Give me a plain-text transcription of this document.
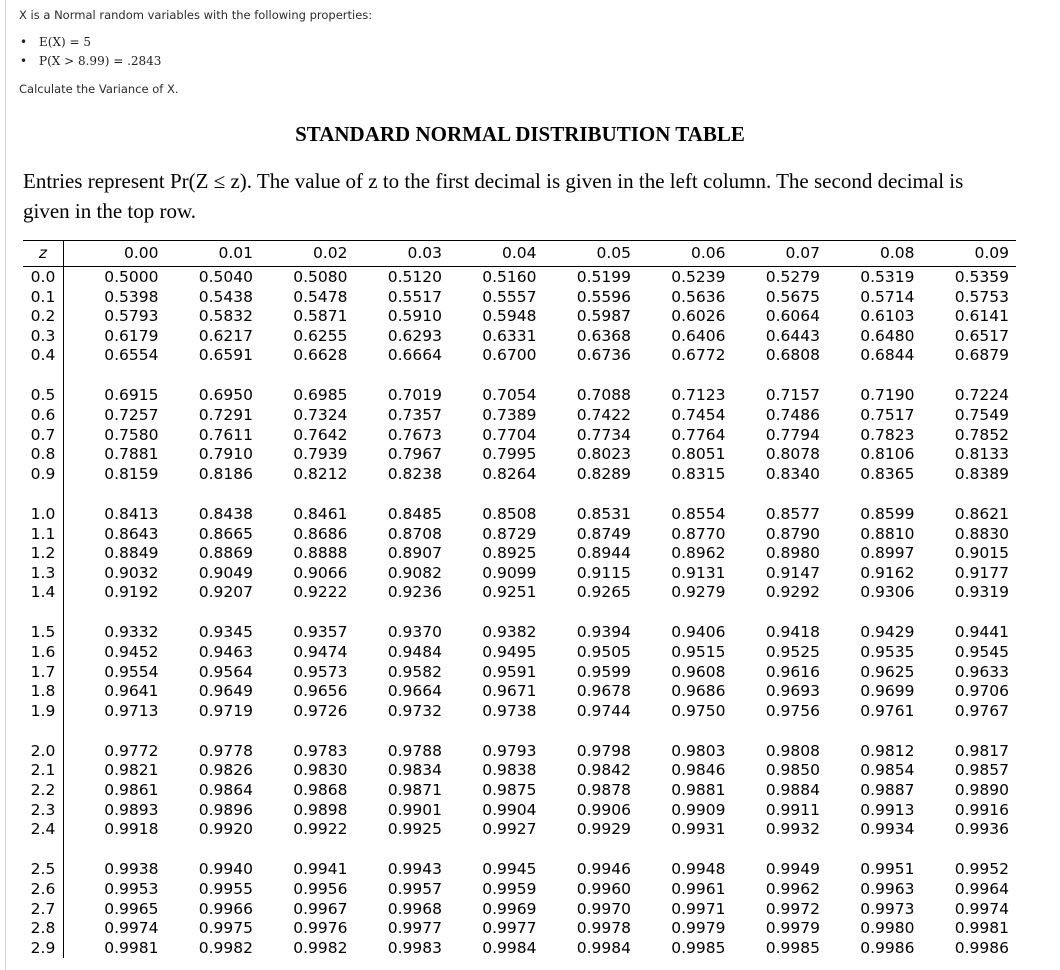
X is a Normal random variables with the following properties:

• E(X) = 5
• P(X > 8.99) = .2843

Calculate the Variance of X.

STANDARD NORMAL DISTRIBUTION TABLE
Entries represent Pr(Z ≤ z). The value of z to the first decimal is given in the left column. The second decimal is given in the top row.
z	0.00	0.01	0.02	0.03	0.04	0.05	0.06	0.07	0.08	0.09
0.0	0.5000	0.5040	0.5080	0.5120	0.5160	0.5199	0.5239	0.5279	0.5319	0.5359
0.1	0.5398	0.5438	0.5478	0.5517	0.5557	0.5596	0.5636	0.5675	0.5714	0.5753
0.2	0.5793	0.5832	0.5871	0.5910	0.5948	0.5987	0.6026	0.6064	0.6103	0.6141
0.3	0.6179	0.6217	0.6255	0.6293	0.6331	0.6368	0.6406	0.6443	0.6480	0.6517
0.4	0.6554	0.6591	0.6628	0.6664	0.6700	0.6736	0.6772	0.6808	0.6844	0.6879
0.5	0.6915	0.6950	0.6985	0.7019	0.7054	0.7088	0.7123	0.7157	0.7190	0.7224
0.6	0.7257	0.7291	0.7324	0.7357	0.7389	0.7422	0.7454	0.7486	0.7517	0.7549
0.7	0.7580	0.7611	0.7642	0.7673	0.7704	0.7734	0.7764	0.7794	0.7823	0.7852
0.8	0.7881	0.7910	0.7939	0.7967	0.7995	0.8023	0.8051	0.8078	0.8106	0.8133
0.9	0.8159	0.8186	0.8212	0.8238	0.8264	0.8289	0.8315	0.8340	0.8365	0.8389
1.0	0.8413	0.8438	0.8461	0.8485	0.8508	0.8531	0.8554	0.8577	0.8599	0.8621
1.1	0.8643	0.8665	0.8686	0.8708	0.8729	0.8749	0.8770	0.8790	0.8810	0.8830
1.2	0.8849	0.8869	0.8888	0.8907	0.8925	0.8944	0.8962	0.8980	0.8997	0.9015
1.3	0.9032	0.9049	0.9066	0.9082	0.9099	0.9115	0.9131	0.9147	0.9162	0.9177
1.4	0.9192	0.9207	0.9222	0.9236	0.9251	0.9265	0.9279	0.9292	0.9306	0.9319
1.5	0.9332	0.9345	0.9357	0.9370	0.9382	0.9394	0.9406	0.9418	0.9429	0.9441
1.6	0.9452	0.9463	0.9474	0.9484	0.9495	0.9505	0.9515	0.9525	0.9535	0.9545
1.7	0.9554	0.9564	0.9573	0.9582	0.9591	0.9599	0.9608	0.9616	0.9625	0.9633
1.8	0.9641	0.9649	0.9656	0.9664	0.9671	0.9678	0.9686	0.9693	0.9699	0.9706
1.9	0.9713	0.9719	0.9726	0.9732	0.9738	0.9744	0.9750	0.9756	0.9761	0.9767
2.0	0.9772	0.9778	0.9783	0.9788	0.9793	0.9798	0.9803	0.9808	0.9812	0.9817
2.1	0.9821	0.9826	0.9830	0.9834	0.9838	0.9842	0.9846	0.9850	0.9854	0.9857
2.2	0.9861	0.9864	0.9868	0.9871	0.9875	0.9878	0.9881	0.9884	0.9887	0.9890
2.3	0.9893	0.9896	0.9898	0.9901	0.9904	0.9906	0.9909	0.9911	0.9913	0.9916
2.4	0.9918	0.9920	0.9922	0.9925	0.9927	0.9929	0.9931	0.9932	0.9934	0.9936
2.5	0.9938	0.9940	0.9941	0.9943	0.9945	0.9946	0.9948	0.9949	0.9951	0.9952
2.6	0.9953	0.9955	0.9956	0.9957	0.9959	0.9960	0.9961	0.9962	0.9963	0.9964
2.7	0.9965	0.9966	0.9967	0.9968	0.9969	0.9970	0.9971	0.9972	0.9973	0.9974
2.8	0.9974	0.9975	0.9976	0.9977	0.9977	0.9978	0.9979	0.9979	0.9980	0.9981
2.9	0.9981	0.9982	0.9982	0.9983	0.9984	0.9984	0.9985	0.9985	0.9986	0.9986
